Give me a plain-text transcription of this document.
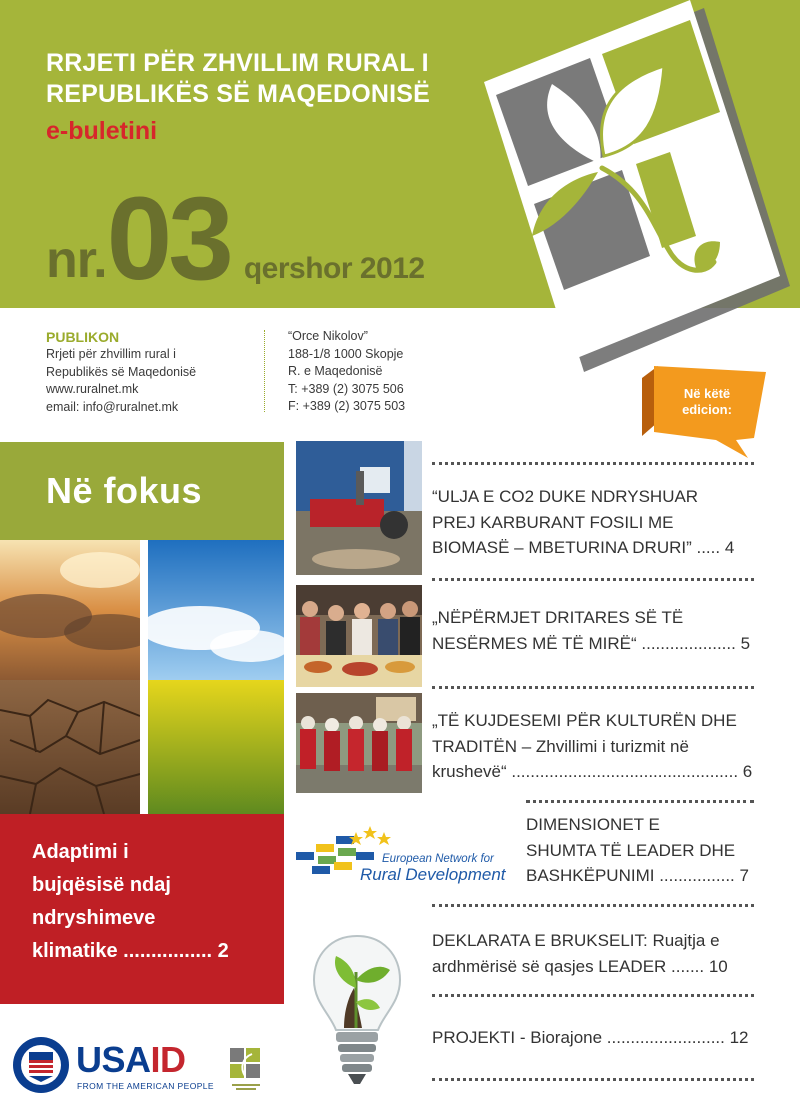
RRJETI PËR ZHVILLIM RURAL I
REPUBLIKËS SË MAQEDONISË
e-buletini
nr. 03 qershor 2012
PUBLIKON
Rrjeti për zhvillim rural i
Republikës së Maqedonisë
www.ruralnet.mk
email: info@ruralnet.mk
“Orce Nikolov”
188-1/8 1000 Skopje
R. e Maqedonisë
T: +389 (2) 3075 506
F: +389 (2) 3075 503
Në këtë
edicion:
Në fokus
Adaptimi i
bujqësisë ndaj
ndryshimeve
klimatike ................ 2
“ULJA E CO2 DUKE NDRYSHUAR
PREJ KARBURANT FOSILI ME
BIOMASË – MBETURINA DRURI” ..... 4
„NËPËRMJET DRITARES SË TË
NESËRMES MË TË MIRË“ .................... 5
„TË KUJDESEMI PËR KULTURËN DHE
TRADITËN – Zhvillimi i turizmit në
krushevë“ ................................................ 6
European Network for
Rural Development
DIMENSIONET E
SHUMTA TË LEADER DHE
BASHKËPUNIMI ................ 7
DEKLARATA E BRUKSELIT: Ruajtja e
ardhmërisë së qasjes LEADER ....... 10
PROJEKTI - Biorajone ......................... 12
USAID
FROM THE AMERICAN PEOPLE
